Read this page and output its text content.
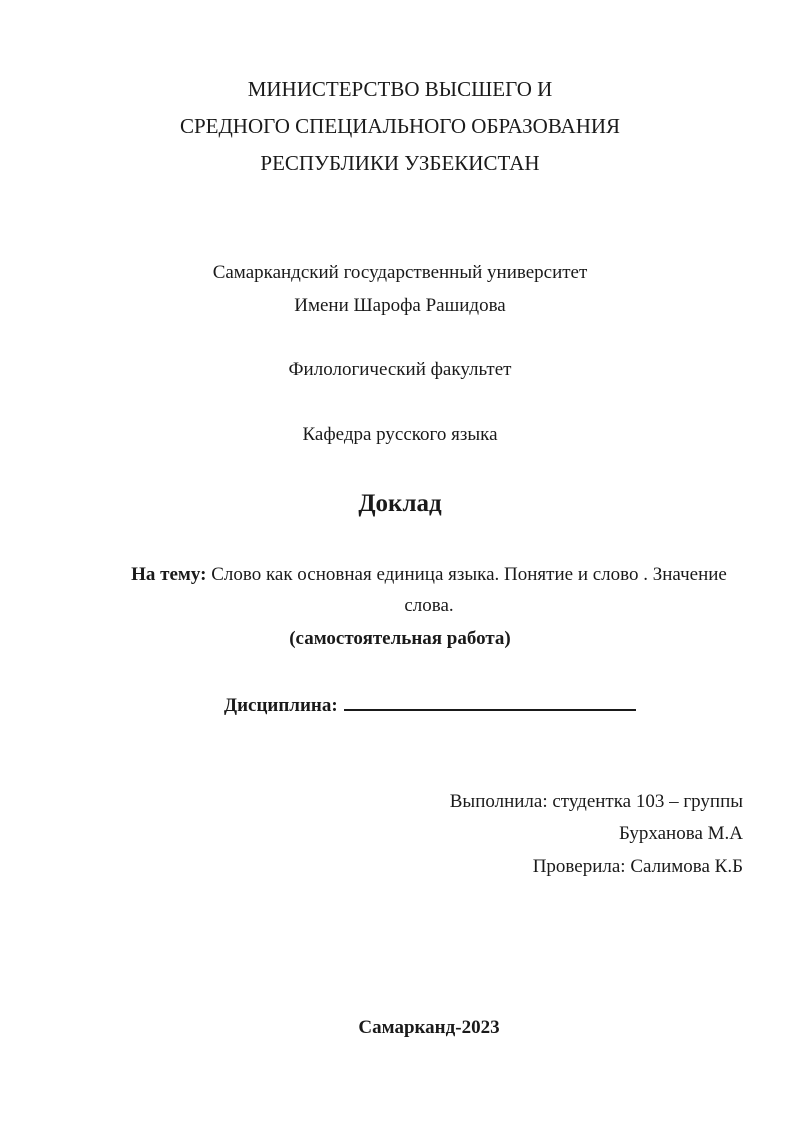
МИНИСТЕРСТВО ВЫСШЕГО И
СРЕДНОГО СПЕЦИАЛЬНОГО ОБРАЗОВАНИЯ
РЕСПУБЛИКИ УЗБЕКИСТАН
Самаркандский государственный университет
Имени Шарофа Рашидова
Филологический факультет
Кафедра русского языка
Доклад
На тему: Слово как основная единица языка. Понятие и слово . Значение
слова.
(самостоятельная работа)
Дисциплина:
Выполнила: студентка 103 – группы
Бурханова М.А
Проверила: Салимова К.Б
Самарканд-2023
